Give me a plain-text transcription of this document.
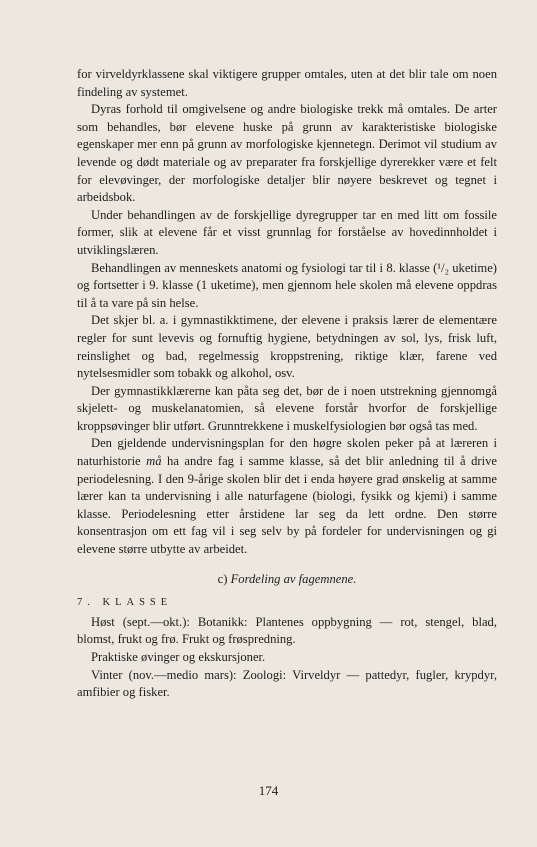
for virveldyrklassene skal viktigere grupper omtales, uten at det blir tale om noen findeling av systemet.

Dyras forhold til omgivelsene og andre biologiske trekk må omtales. De arter som behandles, bør elevene huske på grunn av karakteristiske biologiske egenskaper mer enn på grunn av morfologiske kjennetegn. Derimot vil studium av levende og dødt materiale og av preparater fra forskjellige dyrerekker være et felt for elevøvinger, der morfologiske detaljer blir nøyere beskrevet og tegnet i arbeidsbok.

Under behandlingen av de forskjellige dyregrupper tar en med litt om fossile former, slik at elevene får et visst grunnlag for forståelse av hovedinnholdet i utviklingslæren.

Behandlingen av menneskets anatomi og fysiologi tar til i 8. klasse (¹/₂ uketime) og fortsetter i 9. klasse (1 uketime), men gjennom hele skolen må elevene oppdras til å ta vare på sin helse.

Det skjer bl. a. i gymnastikktimene, der elevene i praksis lærer de elementære regler for sunt levevis og fornuftig hygiene, betydningen av sol, lys, frisk luft, reinslighet og bad, regelmessig kroppstrening, riktige klær, farene ved nytelsesmidler som tobakk og alkohol, osv.

Der gymnastikklærerne kan påta seg det, bør de i noen utstrekning gjennomgå skjelett- og muskelanatomien, så elevene forstår hvorfor de forskjellige kroppsøvinger blir utført. Grunntrekkene i muskelfysiologien bør også tas med.

Den gjeldende undervisningsplan for den høgre skolen peker på at læreren i naturhistorie må ha andre fag i samme klasse, så det blir anledning til å drive periodelesning. I den 9-årige skolen blir det i enda høyere grad ønskelig at samme lærer kan ta undervisning i alle naturfagene (biologi, fysikk og kjemi) i samme klasse. Periodelesning etter årstidene lar seg da lett ordne. Den større konsentrasjon om ett fag vil i seg selv by på fordeler for undervisningen og gi elevene større utbytte av arbeidet.

c) Fordeling av fagemnene.
7. KLASSE

Høst (sept.—okt.): Botanikk: Plantenes oppbygning — rot, stengel, blad, blomst, frukt og frø. Frukt og frøspredning.

Praktiske øvinger og ekskursjoner.

Vinter (nov.—medio mars): Zoologi: Virveldyr — pattedyr, fugler, krypdyr, amfibier og fisker.

174
